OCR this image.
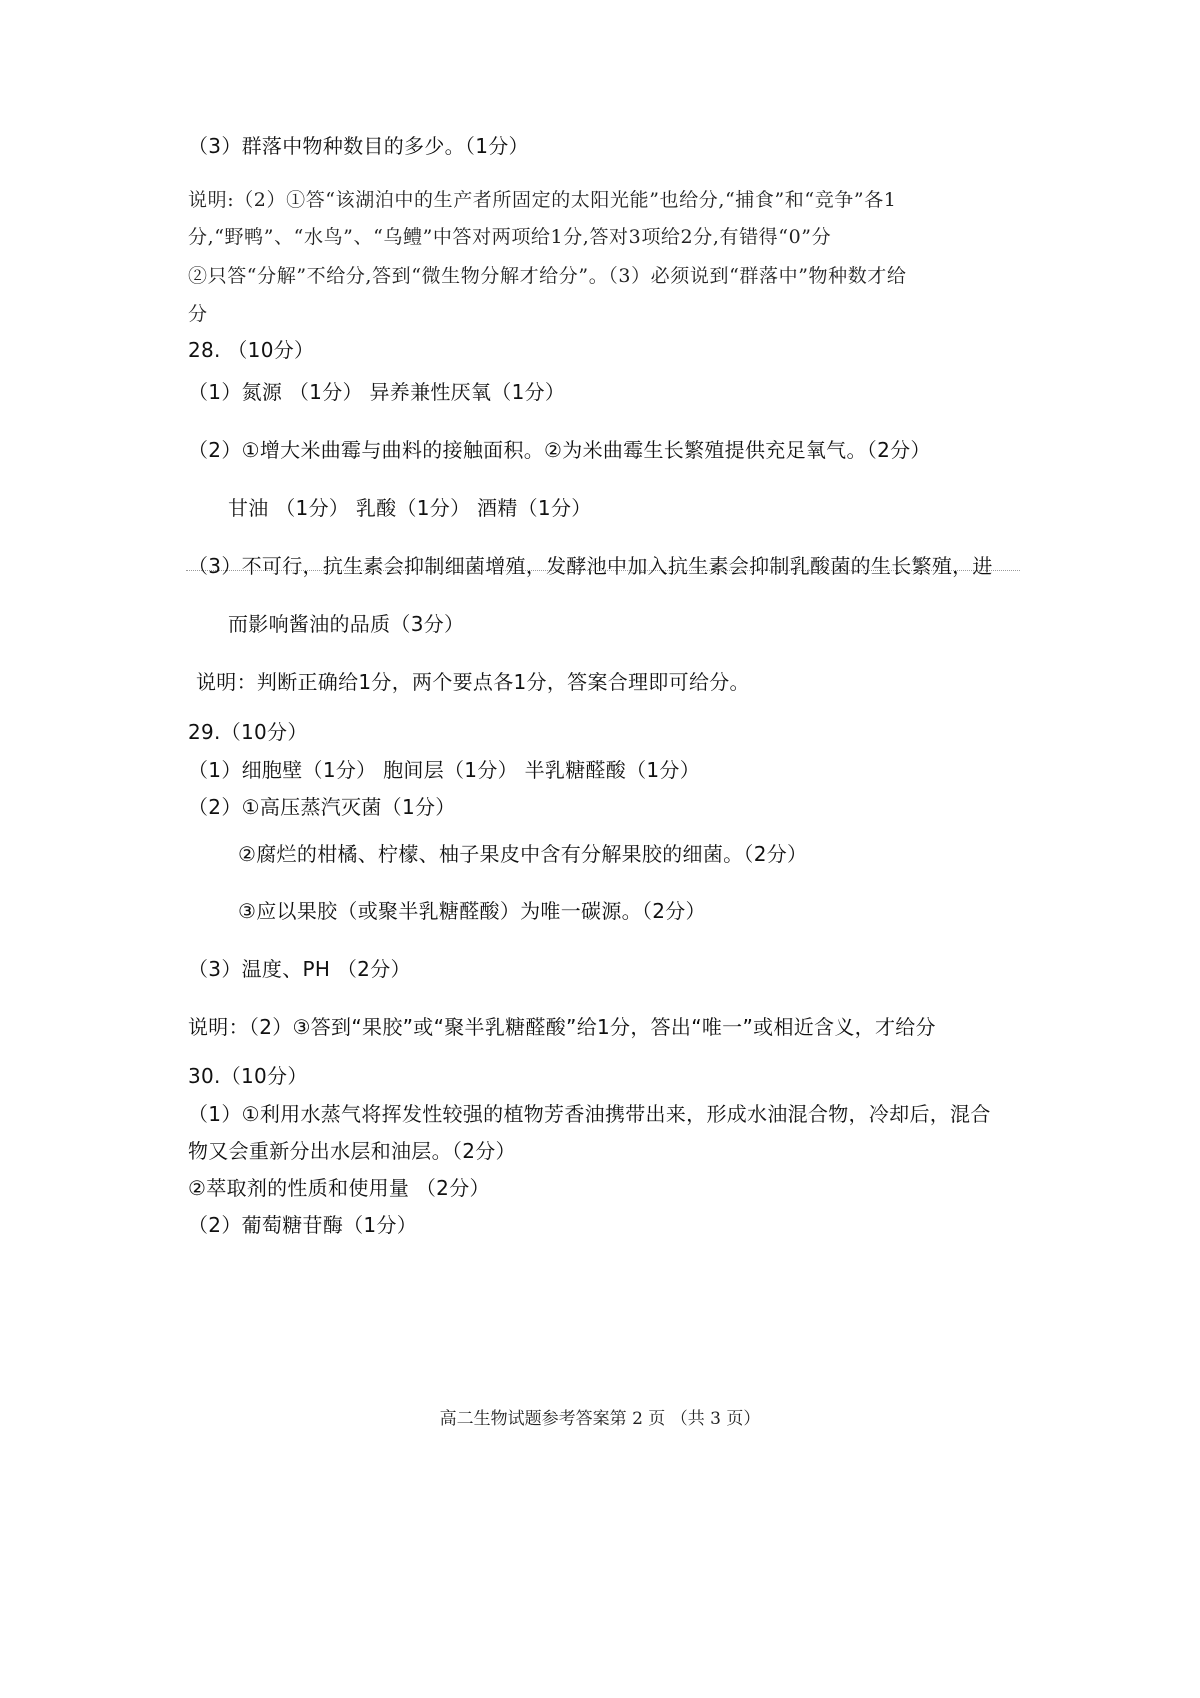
（3）群落中物种数目的多少。（1分）
说明:（2）①答“该湖泊中的生产者所固定的太阳光能”也给分,“捕食”和“竞争”各1
分,“野鸭”、“水鸟”、“乌鳢”中答对两项给1分,答对3项给2分,有错得“0”分
②只答“分解”不给分,答到“微生物分解才给分”。（3）必须说到“群落中”物种数才给
分
28. （10分）
（1）氮源 （1分） 异养兼性厌氧（1分）
（2）①增大米曲霉与曲料的接触面积。②为米曲霉生长繁殖提供充足氧气。（2分）
甘油 （1分） 乳酸（1分） 酒精（1分）
（3）不可行，抗生素会抑制细菌增殖，发酵池中加入抗生素会抑制乳酸菌的生长繁殖，进
而影响酱油的品质（3分）
说明：判断正确给1分，两个要点各1分，答案合理即可给分。
29.（10分）
（1）细胞壁（1分） 胞间层（1分） 半乳糖醛酸（1分）
（2）①高压蒸汽灭菌（1分）
②腐烂的柑橘、柠檬、柚子果皮中含有分解果胶的细菌。（2分）
③应以果胶（或聚半乳糖醛酸）为唯一碳源。（2分）
（3）温度、PH （2分）
说明：（2）③答到“果胶”或“聚半乳糖醛酸”给1分，答出“唯一”或相近含义，才给分
30.（10分）
（1）①利用水蒸气将挥发性较强的植物芳香油携带出来，形成水油混合物，冷却后，混合
物又会重新分出水层和油层。（2分）
②萃取剂的性质和使用量 （2分）
（2）葡萄糖苷酶（1分）
高二生物试题参考答案第 2 页 （共 3 页）
